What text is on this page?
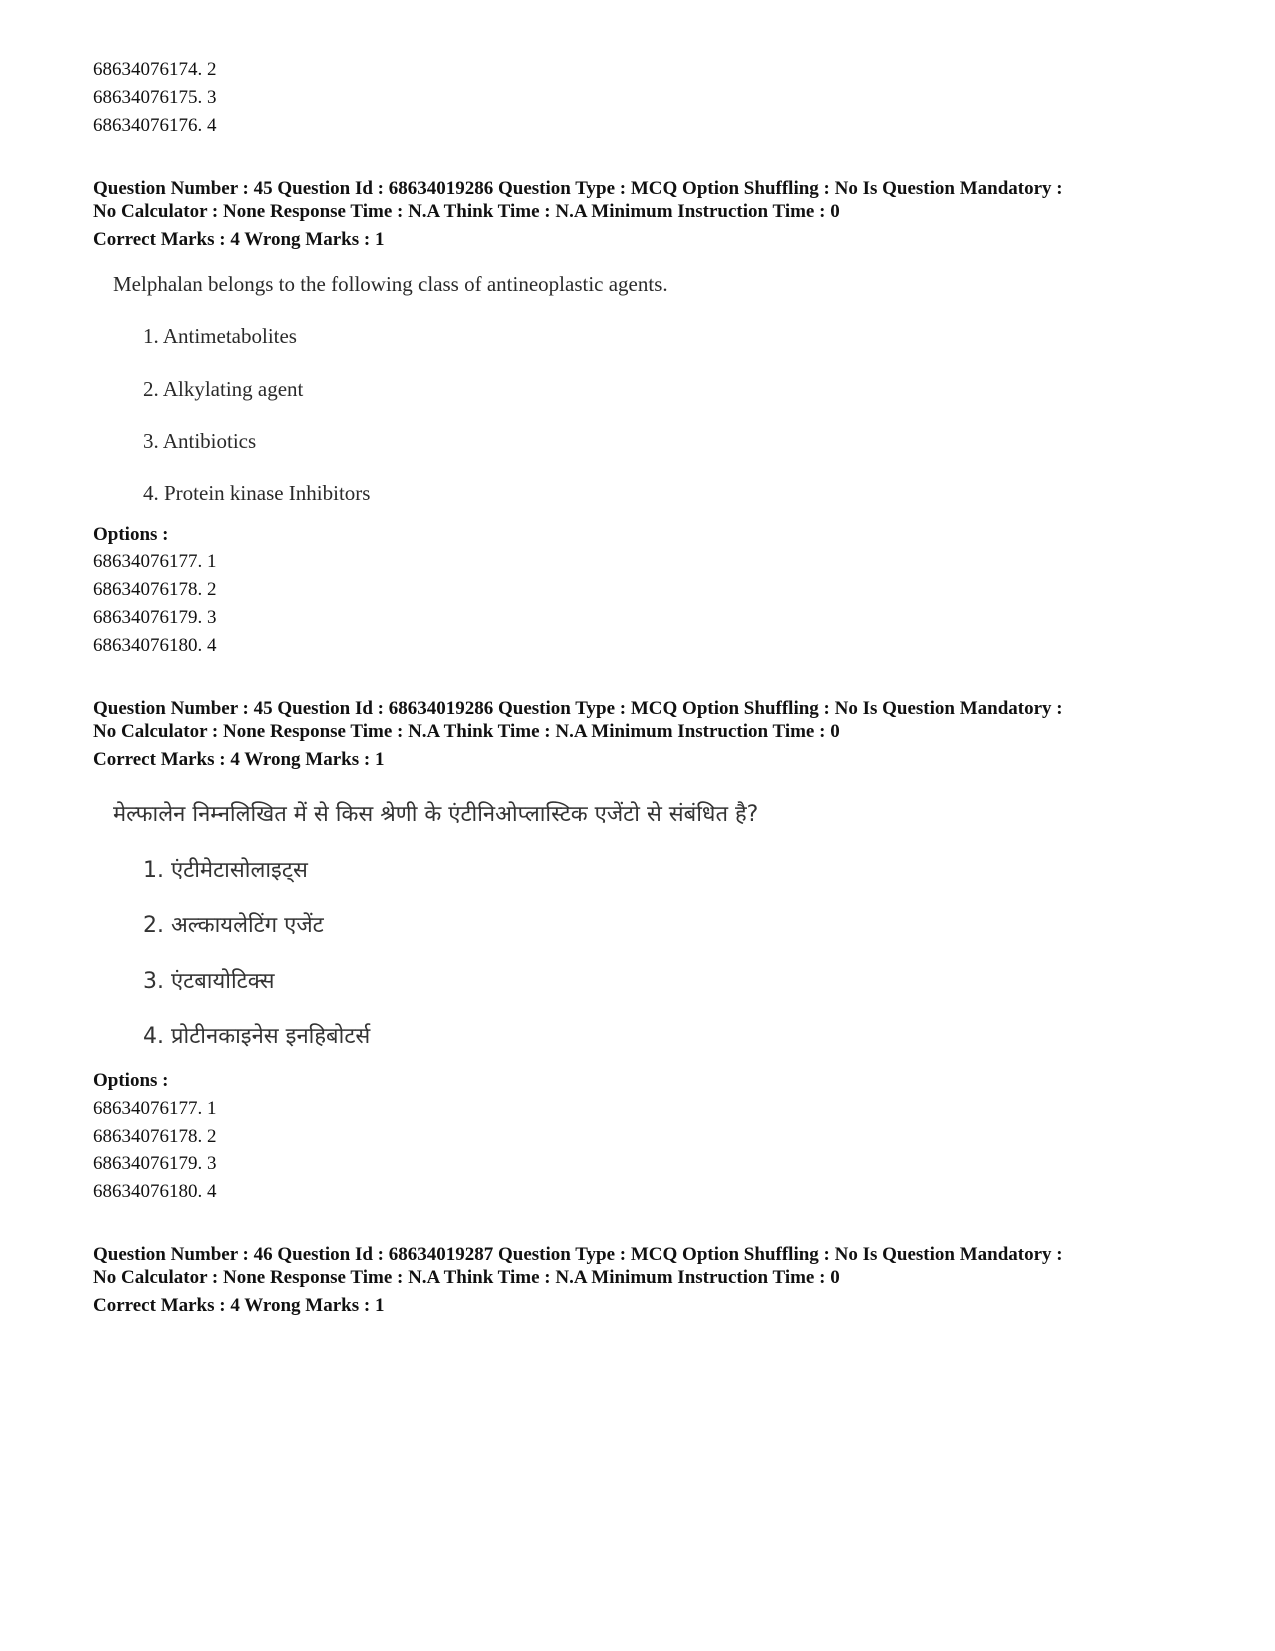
68634076174. 2
68634076175. 3
68634076176. 4
Question Number : 45 Question Id : 68634019286 Question Type : MCQ Option Shuffling : No Is Question Mandatory :
No Calculator : None Response Time : N.A Think Time : N.A Minimum Instruction Time : 0
Correct Marks : 4 Wrong Marks : 1
Melphalan belongs to the following class of antineoplastic agents.
1. Antimetabolites
2. Alkylating agent
3. Antibiotics
4. Protein kinase Inhibitors
Options :
68634076177. 1
68634076178. 2
68634076179. 3
68634076180. 4
Question Number : 45 Question Id : 68634019286 Question Type : MCQ Option Shuffling : No Is Question Mandatory :
No Calculator : None Response Time : N.A Think Time : N.A Minimum Instruction Time : 0
Correct Marks : 4 Wrong Marks : 1
मेल्फालेन निम्नलिखित में से किस श्रेणी के एंटीनिओप्लास्टिक एजेंटो से संबंधित है?
1. एंटीमेटासोलाइट्स
2. अल्कायलेटिंग एजेंट
3. एंटबायोटिक्स
4. प्रोटीनकाइनेस इनहिबोटर्स
Options :
68634076177. 1
68634076178. 2
68634076179. 3
68634076180. 4
Question Number : 46 Question Id : 68634019287 Question Type : MCQ Option Shuffling : No Is Question Mandatory :
No Calculator : None Response Time : N.A Think Time : N.A Minimum Instruction Time : 0
Correct Marks : 4 Wrong Marks : 1
